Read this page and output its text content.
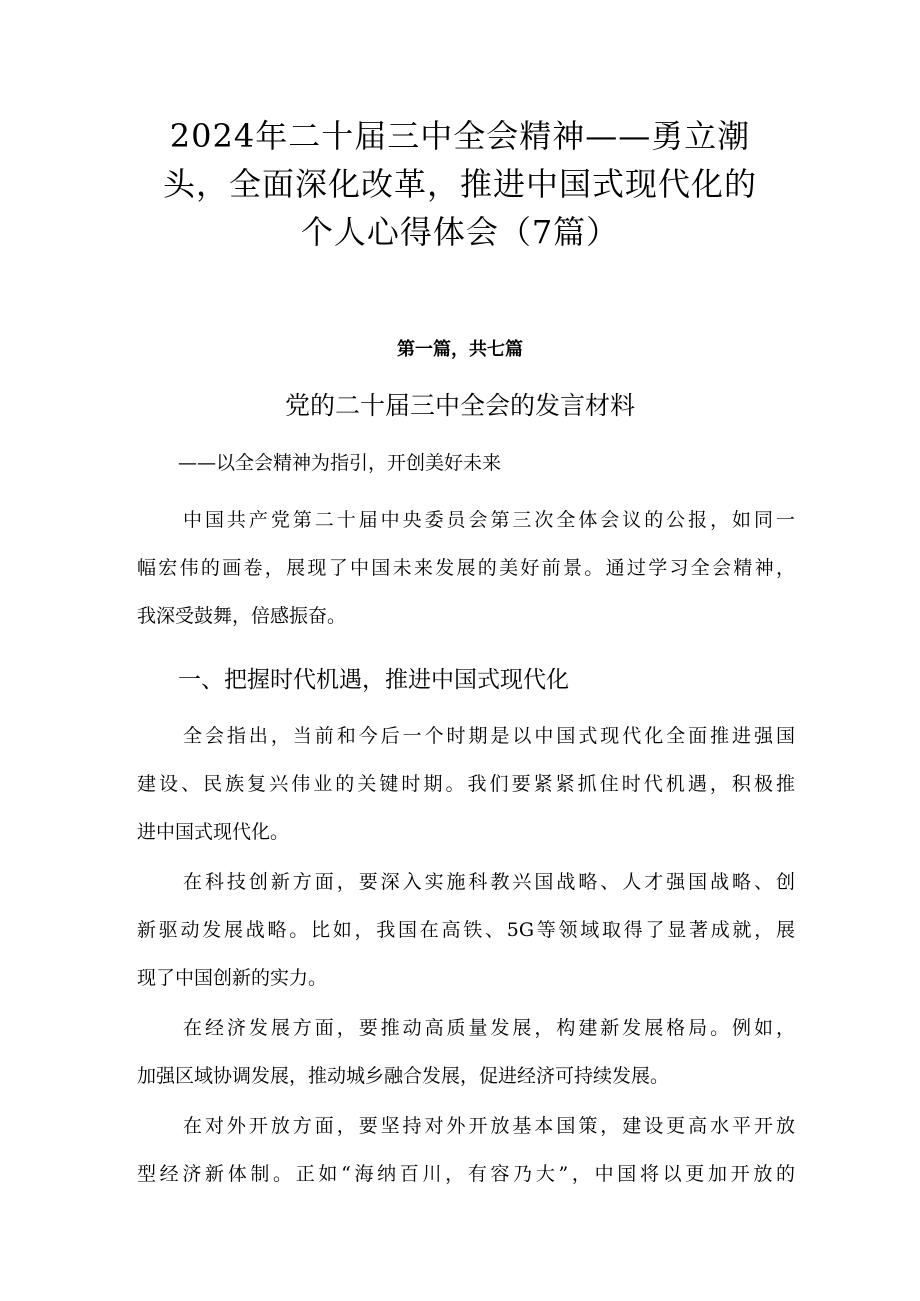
2024年二十届三中全会精神——勇立潮
头，全面深化改革，推进中国式现代化的
个人心得体会（7篇）
第一篇，共七篇
党的二十届三中全会的发言材料
——以全会精神为指引，开创美好未来

中国共产党第二十届中央委员会第三次全体会议的公报，如同一
幅宏伟的画卷，展现了中国未来发展的美好前景。通过学习全会精神，
我深受鼓舞，倍感振奋。

一、把握时代机遇，推进中国式现代化

全会指出，当前和今后一个时期是以中国式现代化全面推进强国
建设、民族复兴伟业的关键时期。我们要紧紧抓住时代机遇，积极推
进中国式现代化。

在科技创新方面，要深入实施科教兴国战略、人才强国战略、创
新驱动发展战略。比如，我国在高铁、5G等领域取得了显著成就，展
现了中国创新的实力。

在经济发展方面，要推动高质量发展，构建新发展格局。例如，
加强区域协调发展，推动城乡融合发展，促进经济可持续发展。

在对外开放方面，要坚持对外开放基本国策，建设更高水平开放
型经济新体制。正如“海纳百川，有容乃大”，中国将以更加开放的
